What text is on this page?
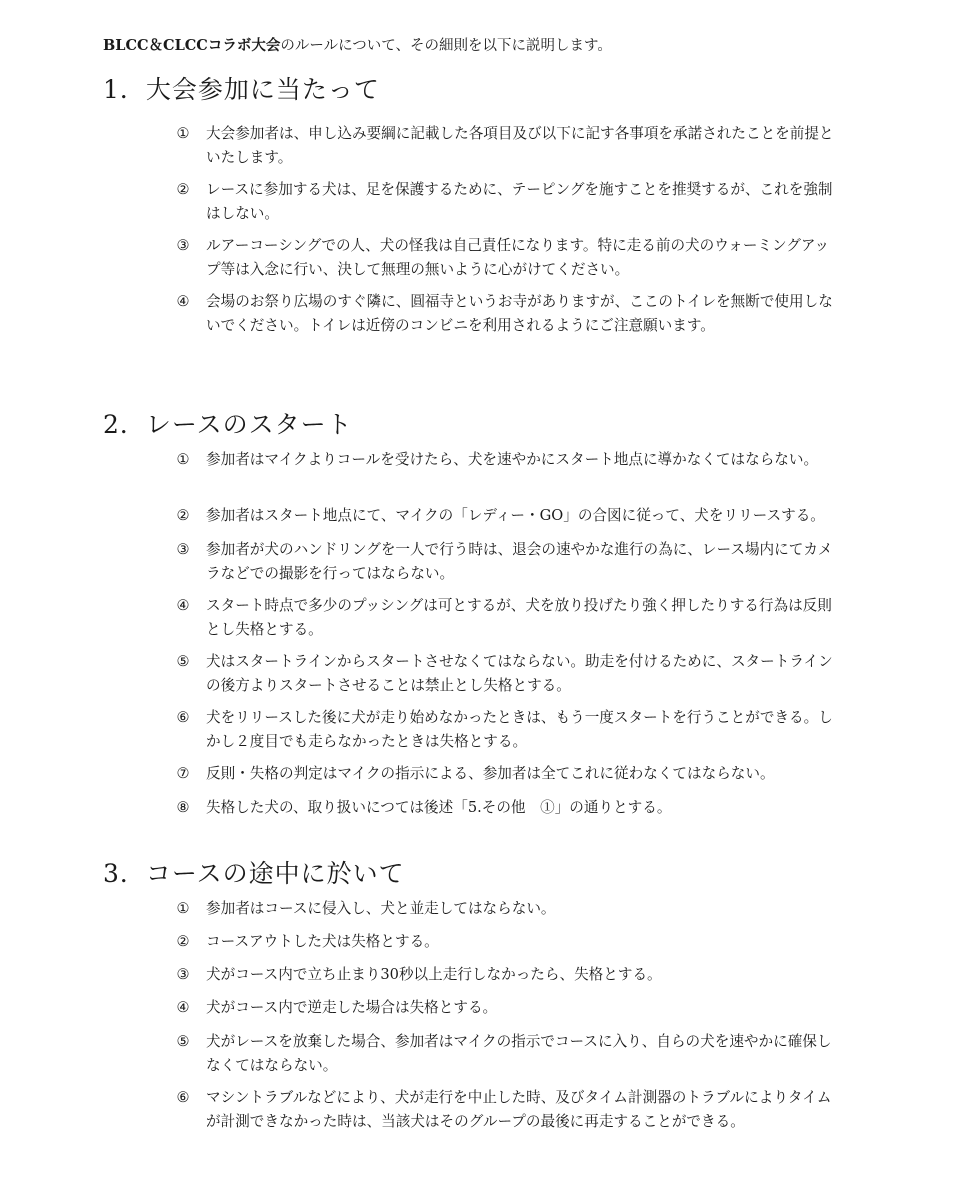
BLCC＆CLCCコラボ大会のルールについて、その細則を以下に説明します。
1．大会参加に当たって
①	大会参加者は、申し込み要綱に記載した各項目及び以下に記す各事項を承諾されたことを前提といたします。
②	レースに参加する犬は、足を保護するために、テーピングを施すことを推奨するが、これを強制はしない。
③	ルアーコーシングでの人、犬の怪我は自己責任になります。特に走る前の犬のウォーミングアップ等は入念に行い、決して無理の無いように心がけてください。
④	会場のお祭り広場のすぐ隣に、圓福寺というお寺がありますが、ここのトイレを無断で使用しないでください。トイレは近傍のコンビニを利用されるようにご注意願います。
2．レースのスタート
①	参加者はマイクよりコールを受けたら、犬を速やかにスタート地点に導かなくてはならない。
②	参加者はスタート地点にて、マイクの「レディー・GO」の合図に従って、犬をリリースする。
③	参加者が犬のハンドリングを一人で行う時は、退会の速やかな進行の為に、レース場内にてカメラなどでの撮影を行ってはならない。
④	スタート時点で多少のプッシングは可とするが、犬を放り投げたり強く押したりする行為は反則とし失格とする。
⑤	犬はスタートラインからスタートさせなくてはならない。助走を付けるために、スタートラインの後方よりスタートさせることは禁止とし失格とする。
⑥	犬をリリースした後に犬が走り始めなかったときは、もう一度スタートを行うことができる。しかし２度目でも走らなかったときは失格とする。
⑦	反則・失格の判定はマイクの指示による、参加者は全てこれに従わなくてはならない。
⑧	失格した犬の、取り扱いにつては後述「5.その他　①」の通りとする。
3．コースの途中に於いて
①	参加者はコースに侵入し、犬と並走してはならない。
②	コースアウトした犬は失格とする。
③	犬がコース内で立ち止まり30秒以上走行しなかったら、失格とする。
④	犬がコース内で逆走した場合は失格とする。
⑤	犬がレースを放棄した場合、参加者はマイクの指示でコースに入り、自らの犬を速やかに確保しなくてはならない。
⑥	マシントラブルなどにより、犬が走行を中止した時、及びタイム計測器のトラブルによりタイムが計測できなかった時は、当該犬はそのグループの最後に再走することができる。
